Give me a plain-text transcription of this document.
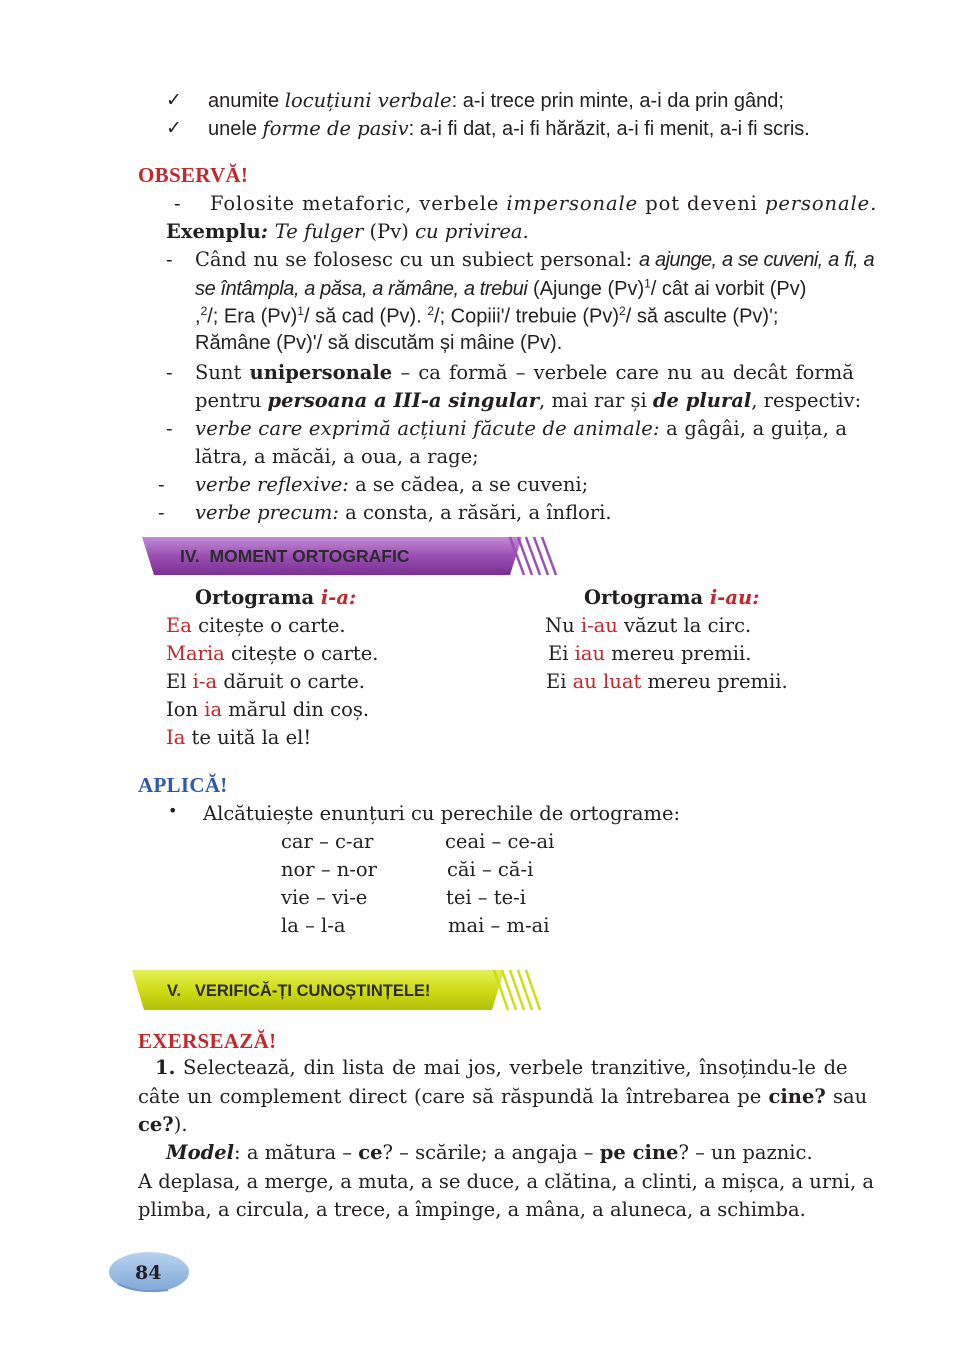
✓ anumite locuțiuni verbale: a-i trece prin minte, a-i da prin gând;
✓ unele forme de pasiv: a-i fi dat, a-i fi hărăzit, a-i fi menit, a-i fi scris.
OBSERVĂ!
- Folosite metaforic, verbele impersonale pot deveni personale.
Exemplu: Te fulger (Pv) cu privirea.
- Când nu se folosesc cu un subiect personal: a ajunge, a se cuveni, a fi, a
se întâmpla, a păsa, a rămâne, a trebui (Ajunge $(Pv)^1/$ cât ai vorbit (Pv)
,$^2$/; Era $(Pv)^1/$ să cad (Pv). $^2$/; Copiii'/ trebuie $(Pv)^2/$ să asculte (Pv)';
Rămâne (Pv)'/ să discutăm și mâine (Pv).
- Sunt unipersonale – ca formă – verbele care nu au decât formă
pentru persoana a III-a singular, mai rar și de plural, respectiv:
- verbe care exprimă acțiuni făcute de animale: a gâgâi, a guița, a
lătra, a măcăi, a oua, a rage;
- verbe reflexive: a se cădea, a se cuveni;
- verbe precum: a consta, a răsări, a înflori.
IV. MOMENT ORTOGRAFIC
Ortograma i-a:	Ortograma i-au:
Ea citește o carte.
Maria citește o carte.
El i-a dăruit o carte.
Ion ia mărul din coș.
Ia te uită la el!
Nu i-au văzut la circ.
Ei iau mereu premii.
Ei au luat mereu premii.
APLICĂ!
• Alcătuiește enunțuri cu perechile de ortograme:
car – c-ar
nor – n-or
vie – vi-e
la – l-a
ceai – ce-ai
căi – că-i
tei – te-i
mai – m-ai
V. VERIFICĂ-ȚI CUNOȘTINȚELE!
EXERSEAZĂ!
1. Selectează, din lista de mai jos, verbele tranzitive, însoțindu-le de
câte un complement direct (care să răspundă la întrebarea pe cine? sau
ce?).
Model: a mătura – ce? – scările; a angaja – pe cine? – un paznic.
A deplasa, a merge, a muta, a se duce, a clătina, a clinti, a mișca, a urni, a
plimba, a circula, a trece, a împinge, a mâna, a aluneca, a schimba.
84
